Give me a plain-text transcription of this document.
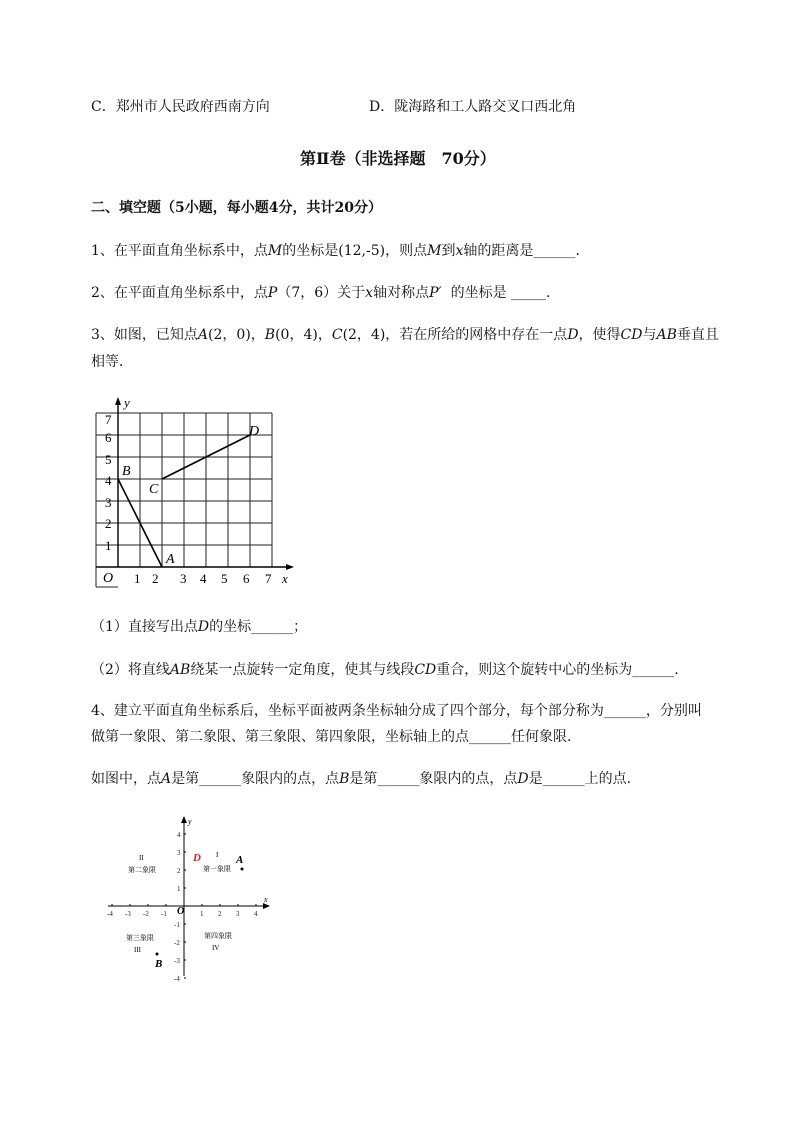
C．郑州市人民政府西南方向	D．陇海路和工人路交叉口西北角
第Ⅱ卷（非选择题　70分）
二、填空题（5小题，每小题4分，共计20分）
1、在平面直角坐标系中，点M的坐标是(12,-5)，则点M到x轴的距离是______.
2、在平面直角坐标系中，点P（7，6）关于x轴对称点P′ 的坐标是 _____.
3、如图，已知点A(2，0)，B(0，4)，C(2，4)，若在所给的网格中存在一点D，使得CD与AB垂直且
相等．
y
x
O 1 2 3 4 5 6 7
1
2
3
4
5
6
7
A
B
C
D
（1）直接写出点D的坐标______；
（2）将直线AB绕某一点旋转一定角度，使其与线段CD重合，则这个旋转中心的坐标为______.
4、建立平面直角坐标系后，坐标平面被两条坐标轴分成了四个部分，每个部分称为______，分别叫
做第一象限、第二象限、第三象限、第四象限，坐标轴上的点______任何象限.
如图中，点A是第______象限内的点，点B是第______象限内的点，点D是______上的点.
-4 -3 -2 -1	1 2 3 4
4
3
2
1
-1
-2
-3
-4
y
x
O
I
第一象限
II
第二象限
第三象限
III
第四象限
IV
A
B
D
